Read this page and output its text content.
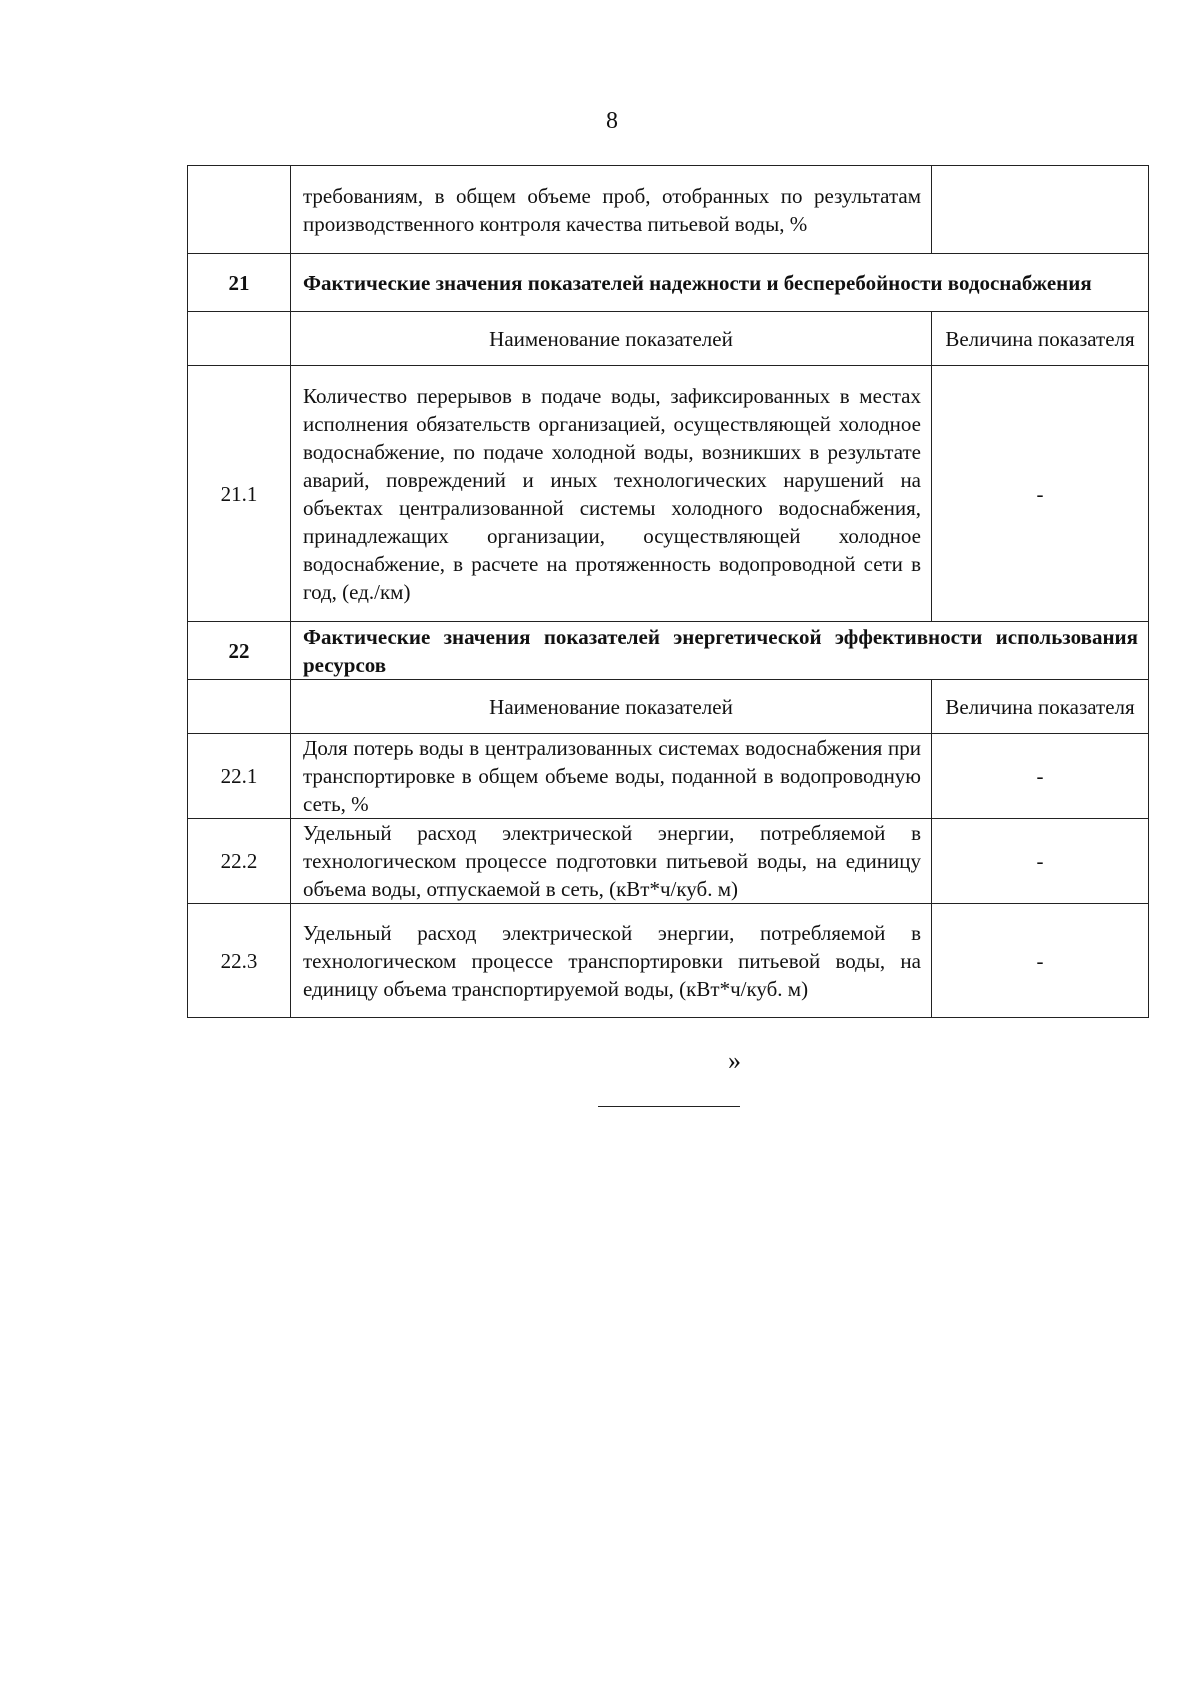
8

	требованиям, в общем объеме проб, отобранных по результатам производственного контроля качества питьевой воды, %	

21	Фактические значения показателей надежности и бесперебойности водоснабжения	

	Наименование показателей	Величина показателя
21.1	Количество перерывов в подаче воды, зафиксированных в местах исполнения обязательств организацией, осуществляющей холодное водоснабжение, по подаче холодной воды, возникших в результате аварий, повреждений и иных технологических нарушений на объектах централизованной системы холодного водоснабжения, принадлежащих организации, осуществляющей холодное водоснабжение, в расчете на протяженность водопроводной сети в год, (ед./км)	-
22	Фактические значения показателей энергетической эффективности использования ресурсов	

	Наименование показателей	Величина показателя
22.1	Доля потерь воды в централизованных системах водоснабжения при транспортировке в общем объеме воды, поданной в водопроводную сеть, %	-
22.2	Удельный расход электрической энергии, потребляемой в технологическом процессе подготовки питьевой воды, на единицу объема воды, отпускаемой в сеть, (кВт*ч/куб. м)	-
22.3	Удельный расход электрической энергии, потребляемой в технологическом процессе транспортировки питьевой воды, на единицу объема транспортируемой воды, (кВт*ч/куб. м)	-
»
